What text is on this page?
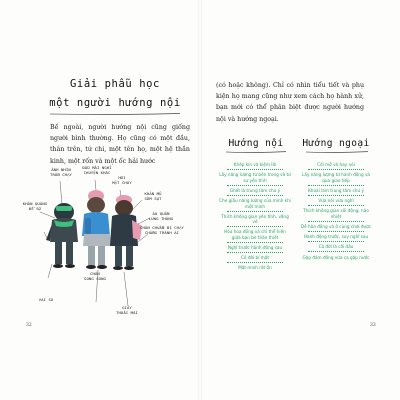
Giải phẫu học
một người hướng nội
Bề ngoài, người hướng nội cũng giống người bình thường. Họ cũng có một đầu, thân trên, tứ chi, một tên họ, một hệ thần kinh, một rốn và một ốc hải hước
ÁNH NHÌN
TRỐN CHẠY
ĐẦU MẢI NGHĨ
CHUYỆN KHÁC
HƠI
MẶT CHÁY
KHĂN MŨ
SỜM SỤT
KHĂN QUÀNG
ĐỂ SỢ
ÁO QUẦN
LÙNG THÙNG
CHÂN CHUẨN BỊ CHẠY
CHẲNG TRÁNH AI
CHÂN
SONG SONG
VAI SO
GIÀY
THOẢI MÁI
32
(có hoặc không). Chỉ có nhìn tiểu tiết và phụ kiện họ mang cũng như xem cách họ hành xử, bạn mới có thể phân biệt được người hướng nội và hướng ngoại.
Hướng nội	Hướng ngoại
Khép kín và kiệm lời
Lấy năng lượng từ bên trong và từ sự yên tĩnh
Ghét là trung tâm chú ý
Che giấu năng lượng của mình khi một mình
Thích không gian yên tĩnh, vắng vẻ
Hòa hoa đồng và chỉ thể hiện giữa bạn bè thân thiết
Nghĩ trước hành động sau
Có đời bí mật
Mặt mình rất ổn
Cởi mở và hay nói
Lấy năng lượng từ hành động và qua giao tiếp
Khoái làm trung tâm chú ý
Vừa nói vừa nghĩ
Thích không gian sôi động, náo nhiệt
Dễ hòa đồng và ở cùng chơi được
Hành động trước, suy nghĩ sau
Cả đời là cởi dấu
Gặp đám đông vừa ca gặp nước
33
